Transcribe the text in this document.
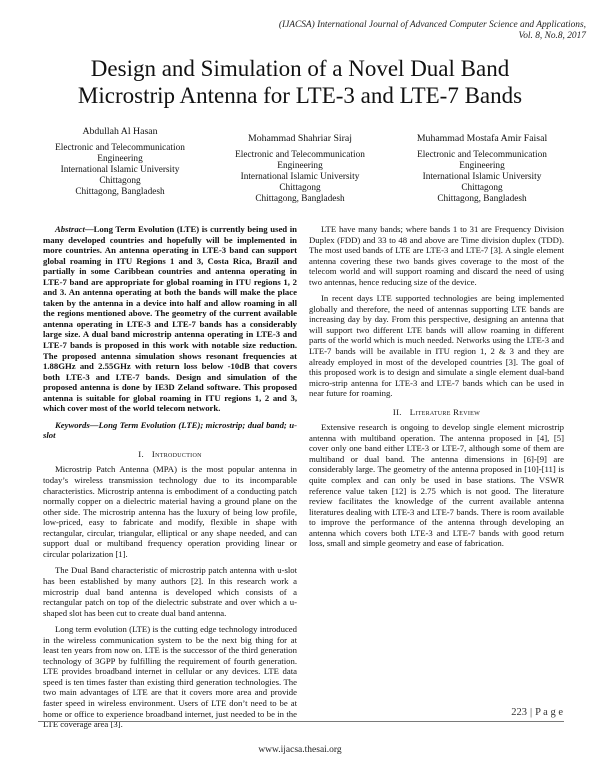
(IJACSA) International Journal of Advanced Computer Science and Applications,
Vol. 8, No.8, 2017
Design and Simulation of a Novel Dual Band
Microstrip Antenna for LTE-3 and LTE-7 Bands
Abdullah Al Hasan
Electronic and Telecommunication
Engineering
International Islamic University
Chittagong
Chittagong, Bangladesh
Mohammad Shahriar Siraj
Electronic and Telecommunication
Engineering
International Islamic University
Chittagong
Chittagong, Bangladesh
Muhammad Mostafa Amir Faisal
Electronic and Telecommunication
Engineering
International Islamic University
Chittagong
Chittagong, Bangladesh

Abstract—Long Term Evolution (LTE) is currently being used in many developed countries and hopefully will be implemented in more countries. An antenna operating in LTE-3 band can support global roaming in ITU Regions 1 and 3, Costa Rica, Brazil and partially in some Caribbean countries and antenna operating in LTE-7 band are appropriate for global roaming in ITU regions 1, 2 and 3. An antenna operating at both the bands will make the place taken by the antenna in a device into half and allow roaming in all the regions mentioned above. The geometry of the current available antenna operating in LTE-3 and LTE-7 bands has a considerably large size. A dual band microstrip antenna operating in LTE-3 and LTE-7 bands is proposed in this work with notable size reduction. The proposed antenna simulation shows resonant frequencies at 1.88GHz and 2.55GHz with return loss below -10dB that covers both LTE-3 and LTE-7 bands. Design and simulation of the proposed antenna is done by IE3D Zeland software. This proposed antenna is suitable for global roaming in ITU regions 1, 2 and 3, which cover most of the world telecom network.

Keywords—Long Term Evolution (LTE); microstrip; dual band; u-slot

I. Introduction

Microstrip Patch Antenna (MPA) is the most popular antenna in today’s wireless transmission technology due to its incomparable characteristics. Microstrip antenna is embodiment of a conducting patch normally copper on a dielectric material having a ground plane on the other side. The microstrip antenna has the luxury of being low profile, low-priced, easy to fabricate and modify, flexible in shape with rectangular, circular, triangular, elliptical or any shape needed, and can support dual or multiband frequency operation providing linear or circular polarization [1].

The Dual Band characteristic of microstrip patch antenna with u-slot has been established by many authors [2]. In this research work a microstrip dual band antenna is developed which consists of a rectangular patch on top of the dielectric substrate and over which a u-shaped slot has been cut to create dual band antenna.

Long term evolution (LTE) is the cutting edge technology introduced in the wireless communication system to be the next big thing for at least ten years from now on. LTE is the successor of the third generation technology of 3GPP by fulfilling the requirement of fourth generation. LTE provides broadband internet in cellular or any devices. LTE data speed is ten times faster than existing third generation technologies. The two main advantages of LTE are that it covers more area and provide faster speed in wireless environment. Users of LTE don’t need to be at home or office to experience broadband internet, just needed to be in the LTE coverage area [3].

LTE have many bands; where bands 1 to 31 are Frequency Division Duplex (FDD) and 33 to 48 and above are Time division duplex (TDD). The most used bands of LTE are LTE-3 and LTE-7 [3]. A single element antenna covering these two bands gives coverage to the most of the telecom world and will support roaming and discard the need of using two antennas, hence reducing size of the device.

In recent days LTE supported technologies are being implemented globally and therefore, the need of antennas supporting LTE bands are increasing day by day. From this perspective, designing an antenna that will support two different LTE bands will allow roaming in different parts of the world which is much needed. Networks using the LTE-3 and LTE-7 bands will be available in ITU region 1, 2 & 3 and they are already employed in most of the developed countries [3]. The goal of this proposed work is to design and simulate a single element dual-band micro-strip antenna for LTE-3 and LTE-7 bands which can be used in near future for roaming.

II. Literature Review

Extensive research is ongoing to develop single element microstrip antenna with multiband operation. The antenna proposed in [4], [5] cover only one band either LTE-3 or LTE-7, although some of them are multiband or dual band. The antenna dimensions in [6]-[9] are considerably large. The geometry of the antenna proposed in [10]-[11] is quite complex and can only be used in base stations. The VSWR reference value taken [12] is 2.75 which is not good. The literature review facilitates the knowledge of the current available antenna literatures dealing with LTE-3 and LTE-7 bands. There is room available to improve the performance of the antenna through developing an antenna which covers both LTE-3 and LTE-7 bands with good return loss, small and simple geometry and ease of fabrication.

223 | P a g e
www.ijacsa.thesai.org
